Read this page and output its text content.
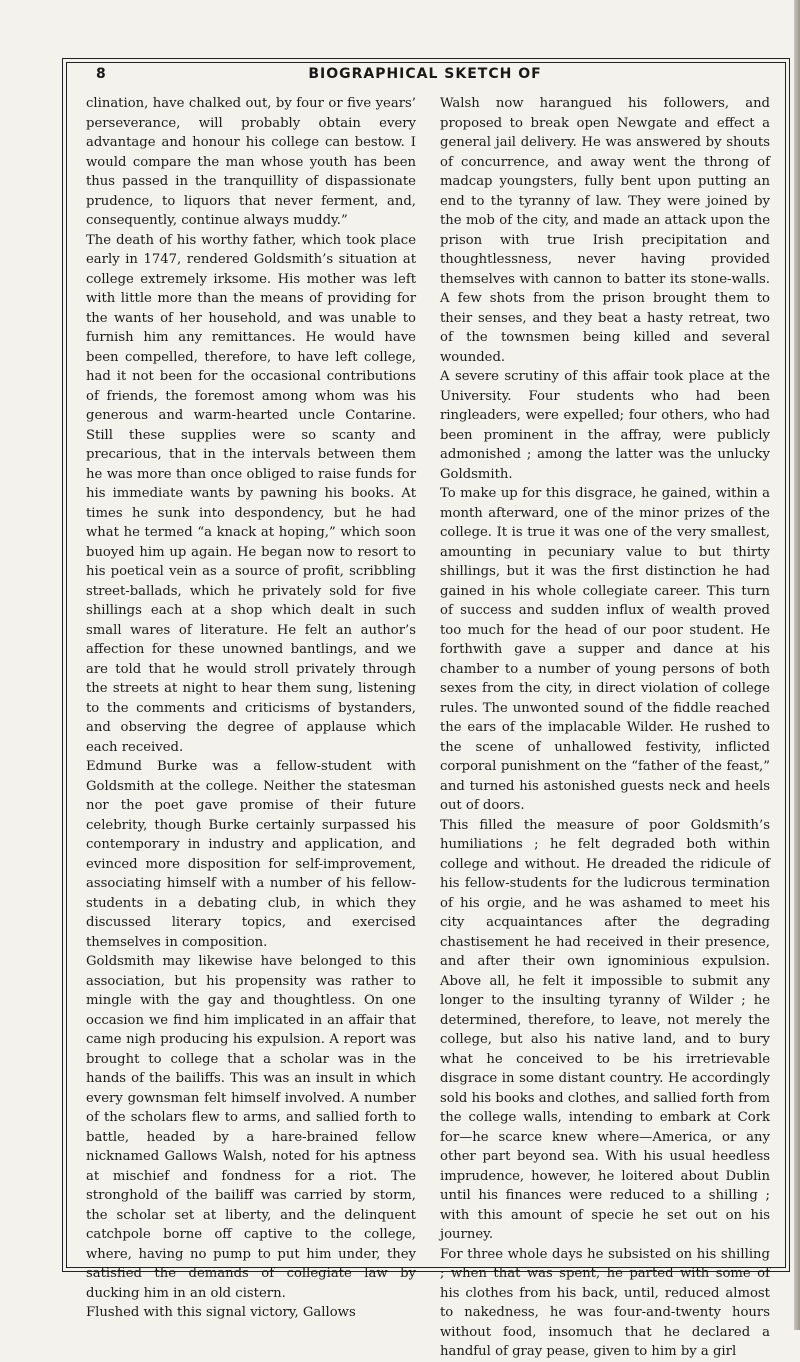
8	BIOGRAPHICAL SKETCH OF

clination, have chalked out, by four or five years’ perseverance, will probably obtain every advantage and honour his college can bestow. I would compare the man whose youth has been thus passed in the tranquillity of dispassionate prudence, to liquors that never ferment, and, consequently, continue always muddy.”

The death of his worthy father, which took place early in 1747, rendered Goldsmith’s situation at college extremely irksome. His mother was left with little more than the means of providing for the wants of her household, and was unable to furnish him any remittances. He would have been compelled, therefore, to have left college, had it not been for the occasional contributions of friends, the foremost among whom was his generous and warm-hearted uncle Contarine. Still these supplies were so scanty and precarious, that in the intervals between them he was more than once obliged to raise funds for his immediate wants by pawning his books. At times he sunk into despondency, but he had what he termed “a knack at hoping,” which soon buoyed him up again. He began now to resort to his poetical vein as a source of profit, scribbling street-ballads, which he privately sold for five shillings each at a shop which dealt in such small wares of literature. He felt an author’s affection for these unowned bantlings, and we are told that he would stroll privately through the streets at night to hear them sung, listening to the comments and criticisms of bystanders, and observing the degree of applause which each received.

Edmund Burke was a fellow-student with Goldsmith at the college. Neither the statesman nor the poet gave promise of their future celebrity, though Burke certainly surpassed his contemporary in industry and application, and evinced more disposition for self-improvement, associating himself with a number of his fellow-students in a debating club, in which they discussed literary topics, and exercised themselves in composition.

Goldsmith may likewise have belonged to this association, but his propensity was rather to mingle with the gay and thoughtless. On one occasion we find him implicated in an affair that came nigh producing his expulsion. A report was brought to college that a scholar was in the hands of the bailiffs. This was an insult in which every gownsman felt himself involved. A number of the scholars flew to arms, and sallied forth to battle, headed by a hare-brained fellow nicknamed Gallows Walsh, noted for his aptness at mischief and fondness for a riot. The stronghold of the bailiff was carried by storm, the scholar set at liberty, and the delinquent catchpole borne off captive to the college, where, having no pump to put him under, they satisfied the demands of collegiate law by ducking him in an old cistern.

Flushed with this signal victory, Gallows

Walsh now harangued his followers, and proposed to break open Newgate and effect a general jail delivery. He was answered by shouts of concurrence, and away went the throng of madcap youngsters, fully bent upon putting an end to the tyranny of law. They were joined by the mob of the city, and made an attack upon the prison with true Irish precipitation and thoughtlessness, never having provided themselves with cannon to batter its stone-walls. A few shots from the prison brought them to their senses, and they beat a hasty retreat, two of the townsmen being killed and several wounded.

A severe scrutiny of this affair took place at the University. Four students who had been ringleaders, were expelled; four others, who had been prominent in the affray, were publicly admonished ; among the latter was the unlucky Goldsmith.

To make up for this disgrace, he gained, within a month afterward, one of the minor prizes of the college. It is true it was one of the very smallest, amounting in pecuniary value to but thirty shillings, but it was the first distinction he had gained in his whole collegiate career. This turn of success and sudden influx of wealth proved too much for the head of our poor student. He forthwith gave a supper and dance at his chamber to a number of young persons of both sexes from the city, in direct violation of college rules. The unwonted sound of the fiddle reached the ears of the implacable Wilder. He rushed to the scene of unhallowed festivity, inflicted corporal punishment on the “father of the feast,” and turned his astonished guests neck and heels out of doors.

This filled the measure of poor Goldsmith’s humiliations ; he felt degraded both within college and without. He dreaded the ridicule of his fellow-students for the ludicrous termination of his orgie, and he was ashamed to meet his city acquaintances after the degrading chastisement he had received in their presence, and after their own ignominious expulsion. Above all, he felt it impossible to submit any longer to the insulting tyranny of Wilder ; he determined, therefore, to leave, not merely the college, but also his native land, and to bury what he conceived to be his irretrievable disgrace in some distant country. He accordingly sold his books and clothes, and sallied forth from the college walls, intending to embark at Cork for—he scarce knew where—America, or any other part beyond sea. With his usual heedless imprudence, however, he loitered about Dublin until his finances were reduced to a shilling ; with this amount of specie he set out on his journey.

For three whole days he subsisted on his shilling ; when that was spent, he parted with some of his clothes from his back, until, reduced almost to nakedness, he was four-and-twenty hours without food, insomuch that he declared a handful of gray pease, given to him by a girl
